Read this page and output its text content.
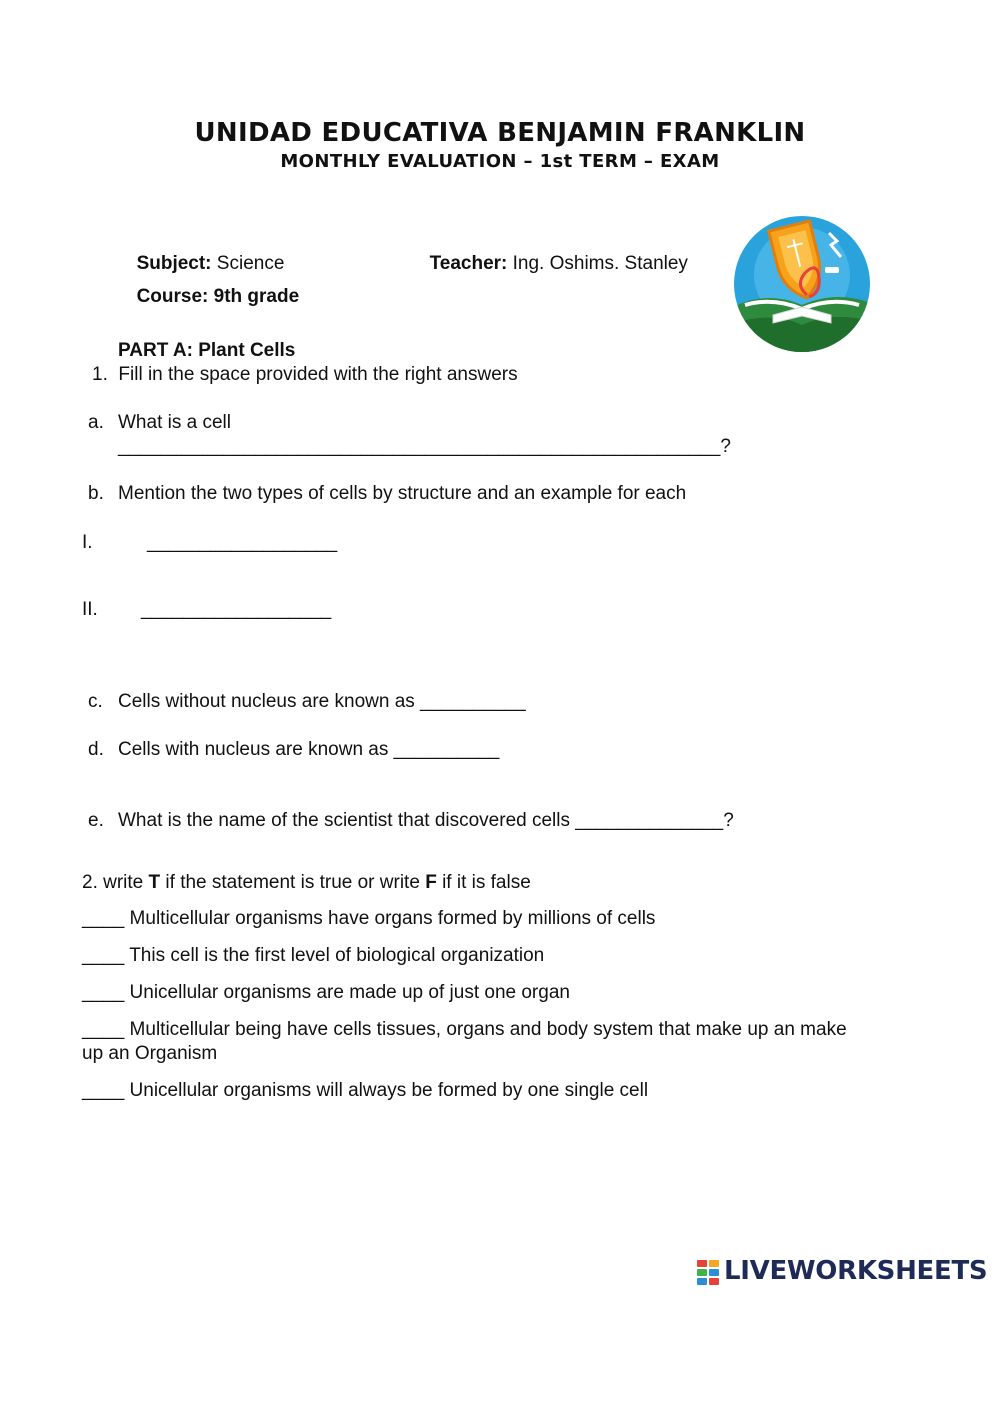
UNIDAD EDUCATIVA BENJAMIN FRANKLIN
MONTHLY EVALUATION – 1st TERM – EXAM

Subject: Science	Teacher: Ing. Oshims. Stanley

Course: 9th grade

PART A: Plant Cells
1.  Fill in the space provided with the right answers
a. What is a cell
_________________________________________________________?
b. Mention the two types of cells by structure and an example for each
I.	__________________
II. __________________
c. Cells without nucleus are known as __________
d. Cells with nucleus are known as __________
e. What is the name of the scientist that discovered cells ______________?
2. write T if the statement is true or write F if it is false
____ Multicellular organisms have organs formed by millions of cells
____ This cell is the first level of biological organization
____ Unicellular organisms are made up of just one organ
____ Multicellular being have cells tissues, organs and body system that make up an make
up an Organism
____ Unicellular organisms will always be formed by one single cell

LIVEWORKSHEETS
